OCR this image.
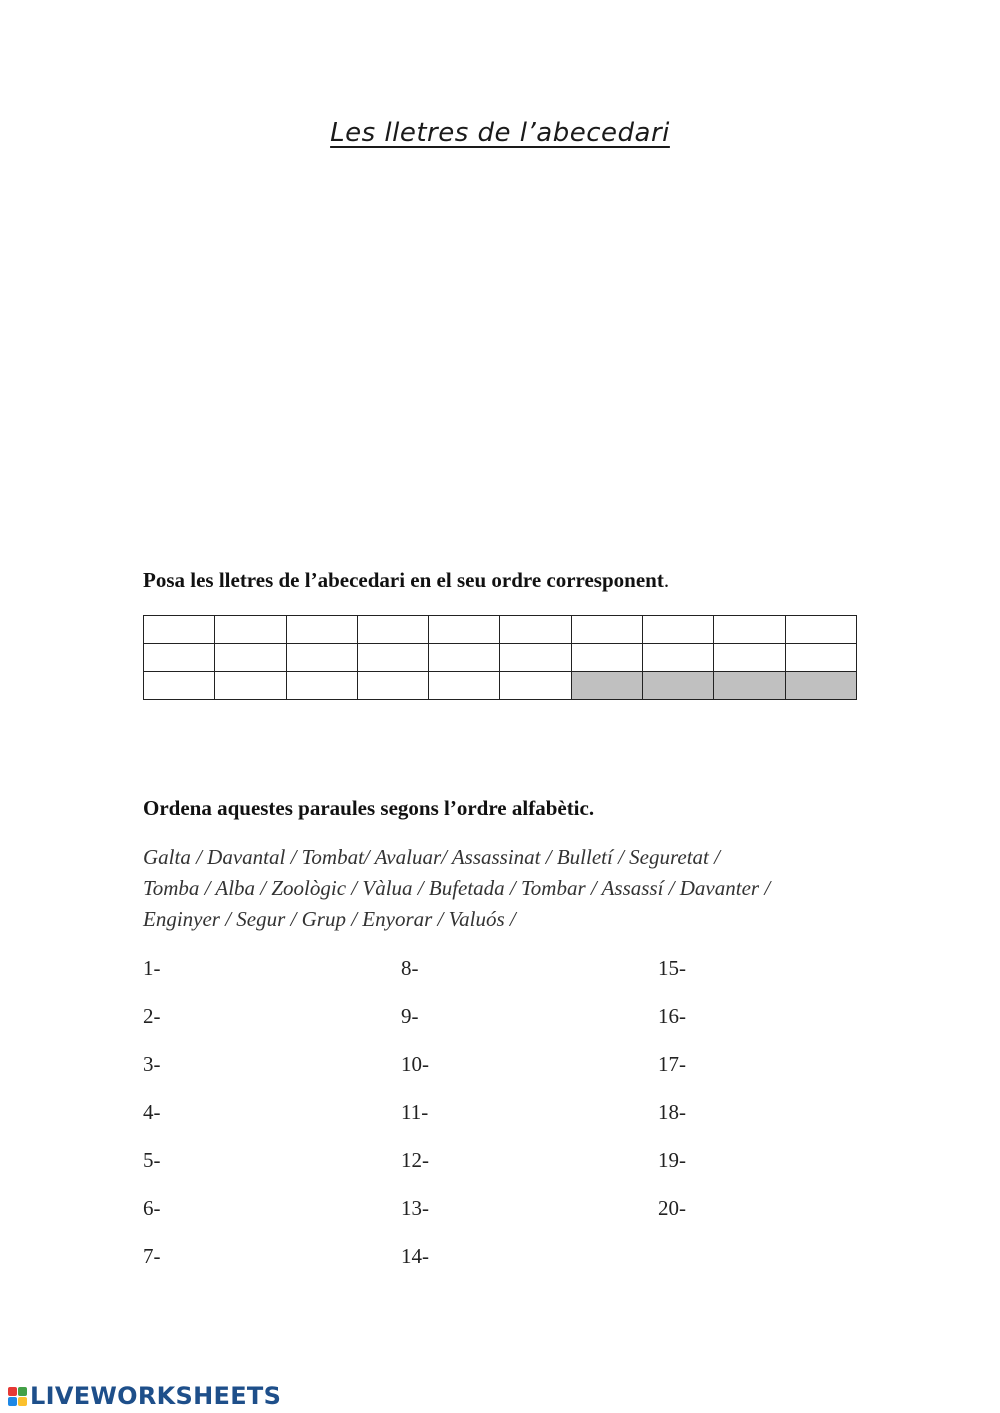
Les lletres de l’abecedari
Posa les lletres de l’abecedari en el seu ordre corresponent.

Ordena aquestes paraules segons l’ordre alfabètic.
Galta / Davantal / Tombat/ Avaluar/ Assassinat / Bulletí / Seguretat /
Tomba / Alba / Zoològic / Vàlua / Bufetada / Tombar / Assassí / Davanter /
Enginyer / Segur / Grup / Enyorar / Valuós /
1-
2-
3-
4-
5-
6-
7-
8-
9-
10-
11-
12-
13-
14-
15-
16-
17-
18-
19-
20-
LIVEWORKSHEETS
